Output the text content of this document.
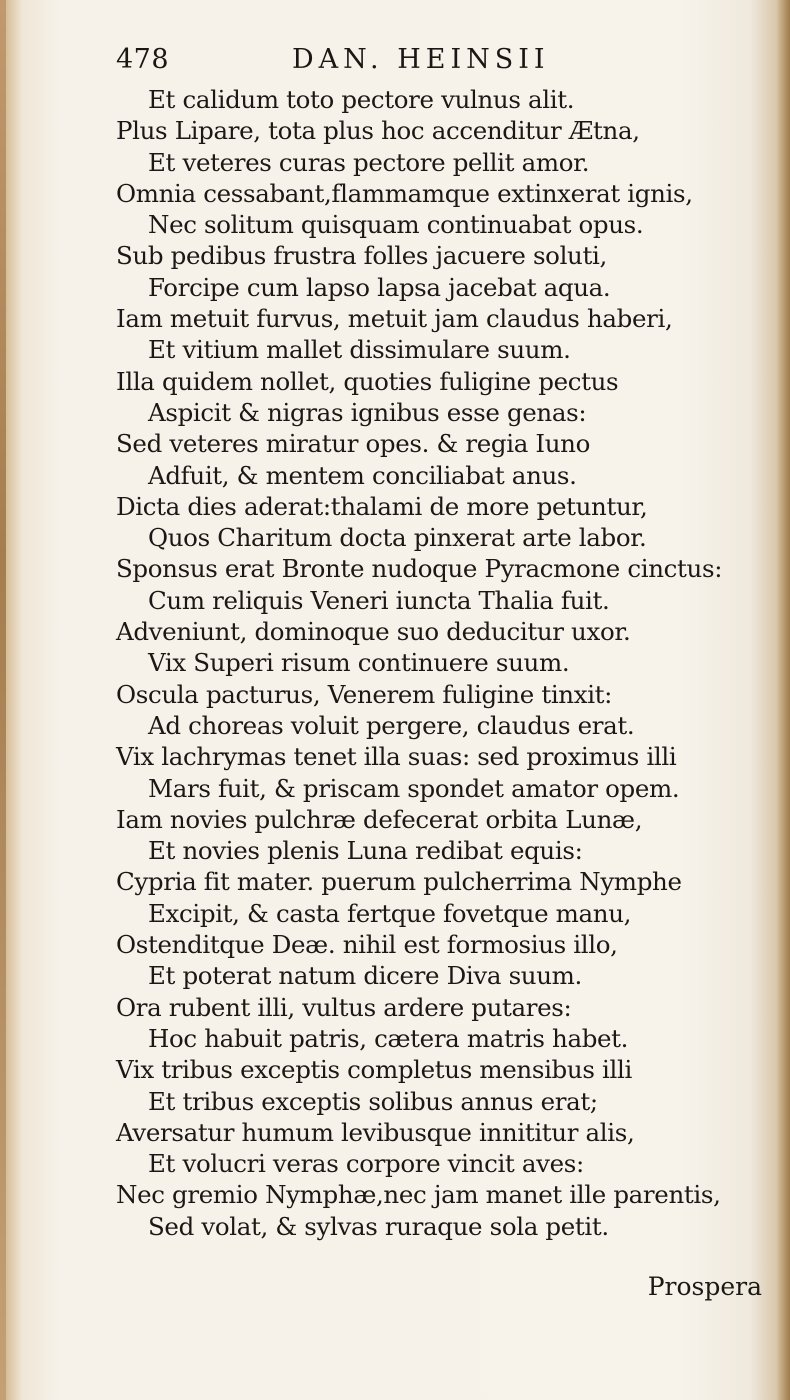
478	DAN. HEINSII
Et calidum toto pectore vulnus alit.
Plus Lipare, tota plus hoc accenditur Ætna,
Et veteres curas pectore pellit amor.
Omnia cessabant,flammamque extinxerat ignis,
Nec solitum quisquam continuabat opus.
Sub pedibus frustra folles jacuere soluti,
Forcipe cum lapso lapsa jacebat aqua.
Iam metuit furvus, metuit jam claudus haberi,
Et vitium mallet dissimulare suum.
Illa quidem nollet, quoties fuligine pectus
Aspicit & nigras ignibus esse genas:
Sed veteres miratur opes. & regia Iuno
Adfuit, & mentem conciliabat anus.
Dicta dies aderat:thalami de more petuntur,
Quos Charitum docta pinxerat arte labor.
Sponsus erat Bronte nudoque Pyracmone cinctus:
Cum reliquis Veneri iuncta Thalia fuit.
Adveniunt, dominoque suo deducitur uxor.
Vix Superi risum continuere suum.
Oscula pacturus, Venerem fuligine tinxit:
Ad choreas voluit pergere, claudus erat.
Vix lachrymas tenet illa suas: sed proximus illi
Mars fuit, & priscam spondet amator opem.
Iam novies pulchræ defecerat orbita Lunæ,
Et novies plenis Luna redibat equis:
Cypria fit mater. puerum pulcherrima Nymphe
Excipit, & casta fertque fovetque manu,
Ostenditque Deæ. nihil est formosius illo,
Et poterat natum dicere Diva suum.
Ora rubent illi, vultus ardere putares:
Hoc habuit patris, cætera matris habet.
Vix tribus exceptis completus mensibus illi
Et tribus exceptis solibus annus erat;
Aversatur humum levibusque innititur alis,
Et volucri veras corpore vincit aves:
Nec gremio Nymphæ,nec jam manet ille parentis,
Sed volat, & sylvas ruraque sola petit.
Prospera
